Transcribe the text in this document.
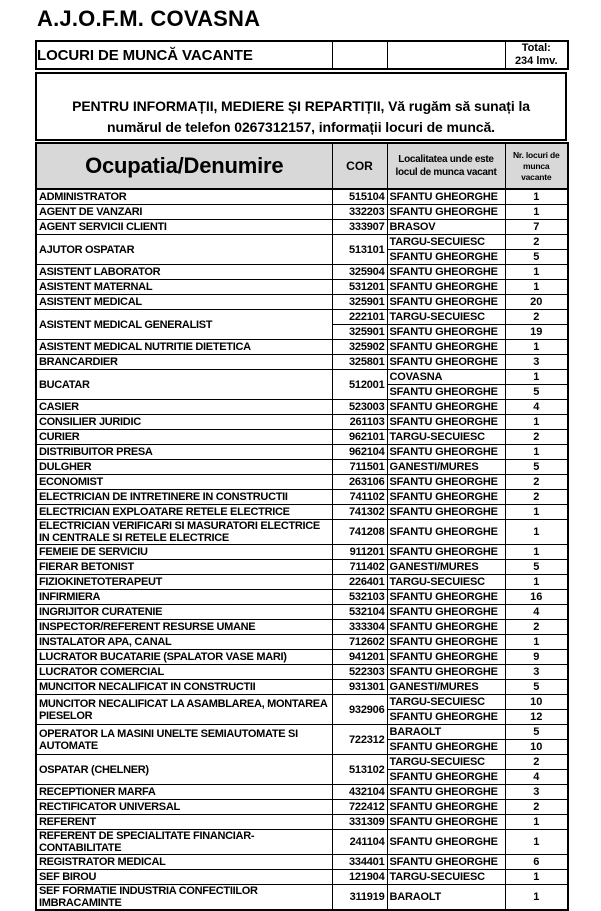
A.J.O.F.M. COVASNA
LOCURI DE MUNCĂ VACANTE			Total:
234 lmv.
PENTRU INFORMAȚII, MEDIERE ȘI REPARTIȚII, Vă rugăm să sunați la
numărul de telefon 0267312157, informații locuri de muncă.
Ocupatia/Denumire	COR	Localitatea unde este locul de munca vacant	Nr. locuri de munca vacante
ADMINISTRATOR	515104	SFANTU GHEORGHE	1
AGENT DE VANZARI	332203	SFANTU GHEORGHE	1
AGENT SERVICII CLIENTI	333907	BRASOV	7
AJUTOR OSPATAR	513101	TARGU-SECUIESC	2
		SFANTU GHEORGHE	5
ASISTENT LABORATOR	325904	SFANTU GHEORGHE	1
ASISTENT MATERNAL	531201	SFANTU GHEORGHE	1
ASISTENT MEDICAL	325901	SFANTU GHEORGHE	20
ASISTENT MEDICAL GENERALIST	222101	TARGU-SECUIESC	2
	325901	SFANTU GHEORGHE	19
ASISTENT MEDICAL NUTRITIE DIETETICA	325902	SFANTU GHEORGHE	1
BRANCARDIER	325801	SFANTU GHEORGHE	3
BUCATAR	512001	COVASNA	1
		SFANTU GHEORGHE	5
CASIER	523003	SFANTU GHEORGHE	4
CONSILIER JURIDIC	261103	SFANTU GHEORGHE	1
CURIER	962101	TARGU-SECUIESC	2
DISTRIBUITOR PRESA	962104	SFANTU GHEORGHE	1
DULGHER	711501	GANESTI/MURES	5
ECONOMIST	263106	SFANTU GHEORGHE	2
ELECTRICIAN DE INTRETINERE IN CONSTRUCTII	741102	SFANTU GHEORGHE	2
ELECTRICIAN EXPLOATARE RETELE ELECTRICE	741302	SFANTU GHEORGHE	1
ELECTRICIAN VERIFICARI SI MASURATORI ELECTRICE IN CENTRALE SI RETELE ELECTRICE	741208	SFANTU GHEORGHE	1
FEMEIE DE SERVICIU	911201	SFANTU GHEORGHE	1
FIERAR BETONIST	711402	GANESTI/MURES	5
FIZIOKINETOTERAPEUT	226401	TARGU-SECUIESC	1
INFIRMIERA	532103	SFANTU GHEORGHE	16
INGRIJITOR CURATENIE	532104	SFANTU GHEORGHE	4
INSPECTOR/REFERENT RESURSE UMANE	333304	SFANTU GHEORGHE	2
INSTALATOR APA, CANAL	712602	SFANTU GHEORGHE	1
LUCRATOR BUCATARIE (SPALATOR VASE MARI)	941201	SFANTU GHEORGHE	9
LUCRATOR COMERCIAL	522303	SFANTU GHEORGHE	3
MUNCITOR NECALIFICAT IN CONSTRUCTII	931301	GANESTI/MURES	5
MUNCITOR NECALIFICAT LA ASAMBLAREA, MONTAREA PIESELOR	932906	TARGU-SECUIESC	10
		SFANTU GHEORGHE	12
OPERATOR LA MASINI UNELTE SEMIAUTOMATE SI AUTOMATE	722312	BARAOLT	5
		SFANTU GHEORGHE	10
OSPATAR (CHELNER)	513102	TARGU-SECUIESC	2
		SFANTU GHEORGHE	4
RECEPTIONER MARFA	432104	SFANTU GHEORGHE	3
RECTIFICATOR UNIVERSAL	722412	SFANTU GHEORGHE	2
REFERENT	331309	SFANTU GHEORGHE	1
REFERENT DE SPECIALITATE FINANCIAR-CONTABILITATE	241104	SFANTU GHEORGHE	1
REGISTRATOR MEDICAL	334401	SFANTU GHEORGHE	6
SEF BIROU	121904	TARGU-SECUIESC	1
SEF FORMATIE INDUSTRIA CONFECTIILOR IMBRACAMINTE	311919	BARAOLT	1
